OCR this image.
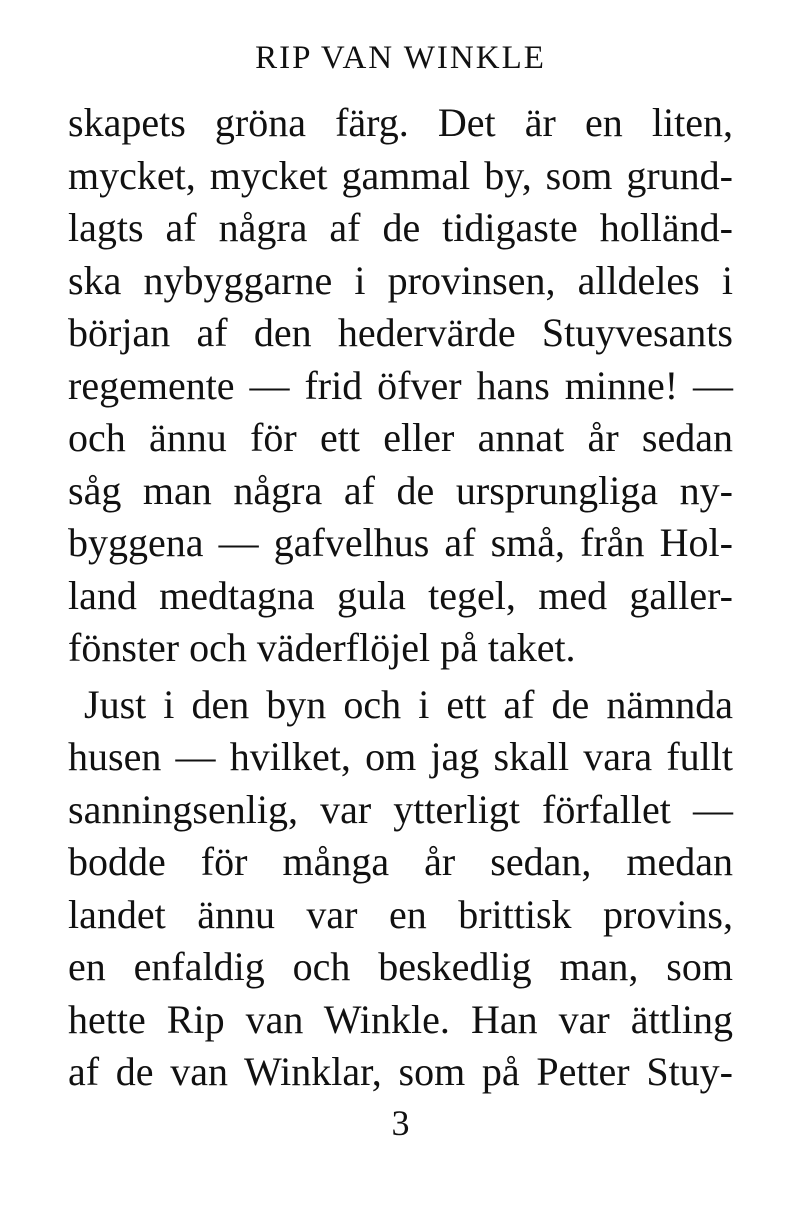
RIP VAN WINKLE
skapets gröna färg. Det är en liten,
mycket, mycket gammal by, som grund-
lagts af några af de tidigaste holländ-
ska nybyggarne i provinsen, alldeles i
början af den hedervärde Stuyvesants
regemente — frid öfver hans minne! —
och ännu för ett eller annat år sedan
såg man några af de ursprungliga ny-
byggena — gafvelhus af små, från Hol-
land medtagna gula tegel, med galler-
fönster och väderflöjel på taket.
Just i den byn och i ett af de nämnda
husen — hvilket, om jag skall vara fullt
sanningsenlig, var ytterligt förfallet —
bodde för många år sedan, medan
landet ännu var en brittisk provins,
en enfaldig och beskedlig man, som
hette Rip van Winkle. Han var ättling
af de van Winklar, som på Petter Stuy-
3
